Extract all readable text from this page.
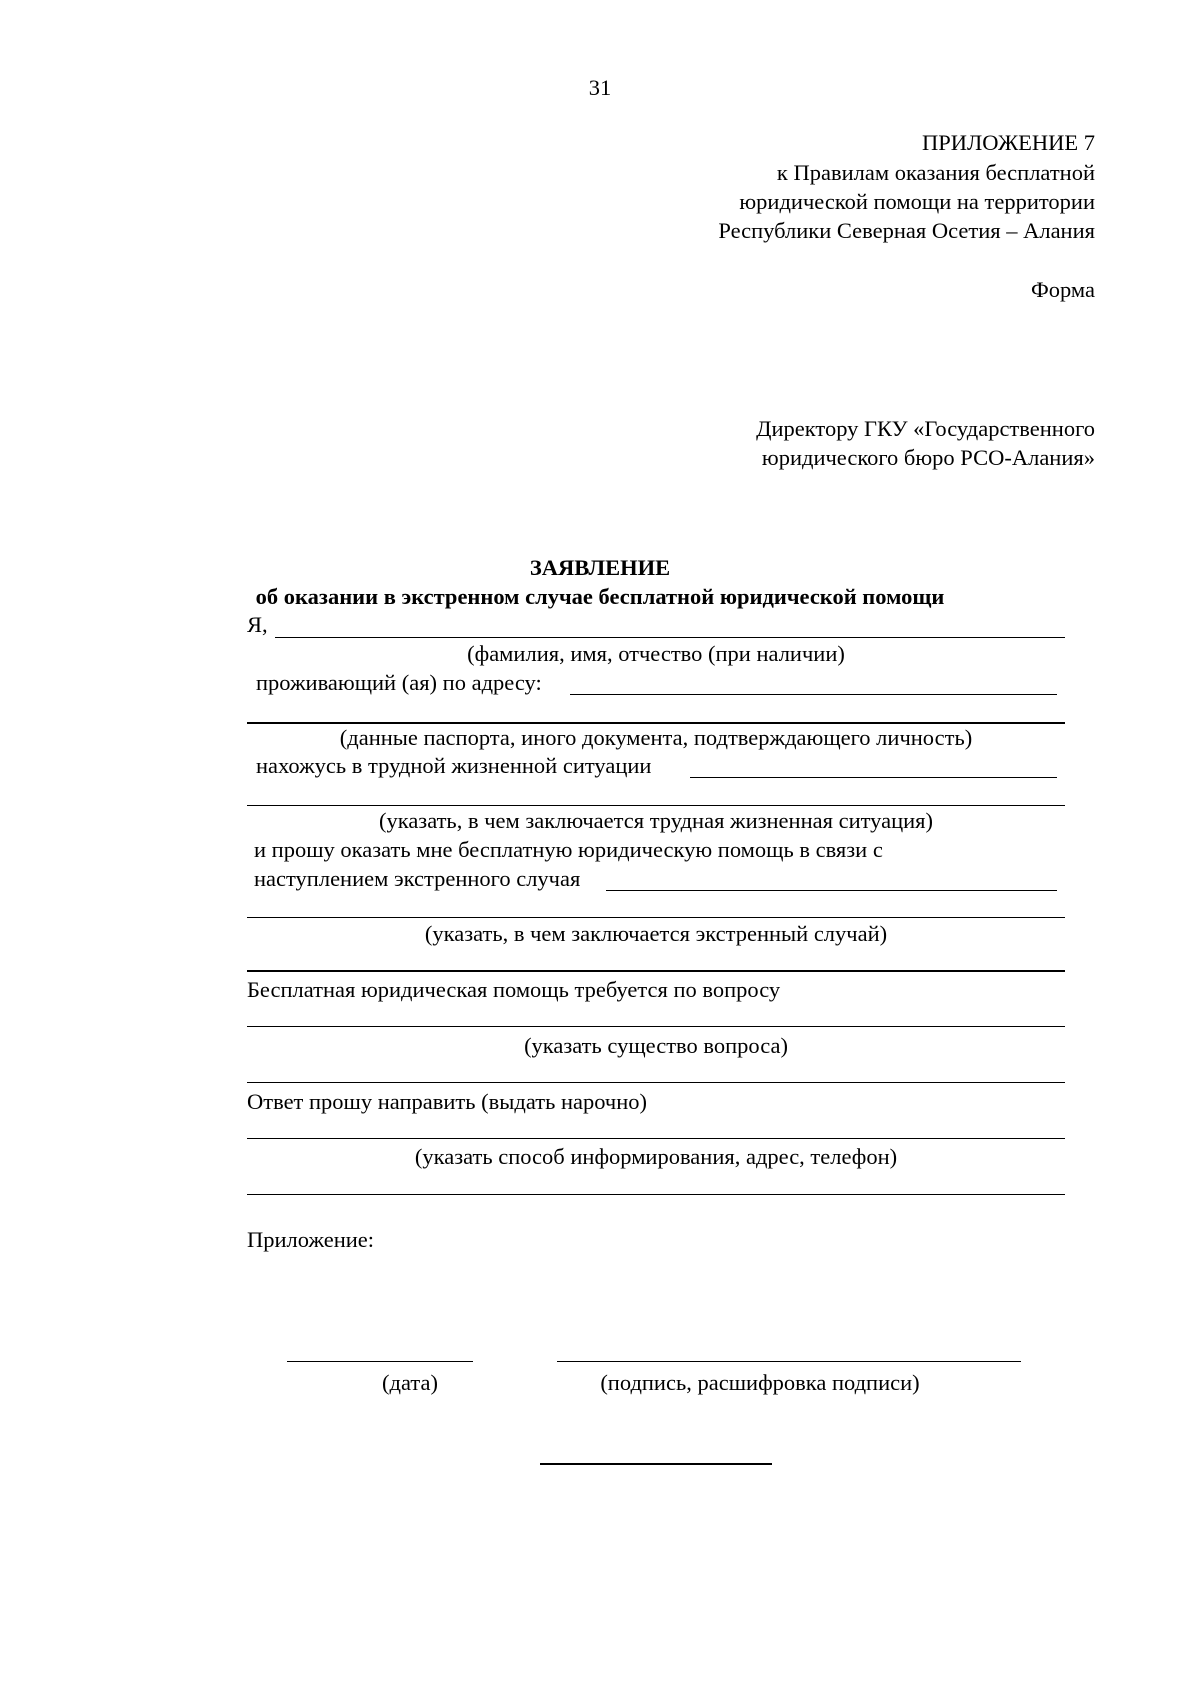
31
ПРИЛОЖЕНИЕ 7
к Правилам оказания бесплатной
юридической помощи на территории
Республики Северная Осетия – Алания
Форма
Директору ГКУ «Государственного
юридического бюро РСО-Алания»
ЗАЯВЛЕНИЕ
об оказании в экстренном случае бесплатной юридической помощи
Я,
(фамилия, имя, отчество (при наличии)
проживающий (ая) по адресу:
(данные паспорта, иного документа, подтверждающего личность)
нахожусь в трудной жизненной ситуации
(указать, в чем заключается трудная жизненная ситуация)
и прошу оказать мне бесплатную юридическую помощь в связи с
наступлением экстренного случая
(указать, в чем заключается экстренный случай)
Бесплатная юридическая помощь требуется по вопросу
(указать существо вопроса)
Ответ прошу направить (выдать нарочно)
(указать способ информирования, адрес, телефон)
Приложение:
(дата)	(подпись, расшифровка подписи)
